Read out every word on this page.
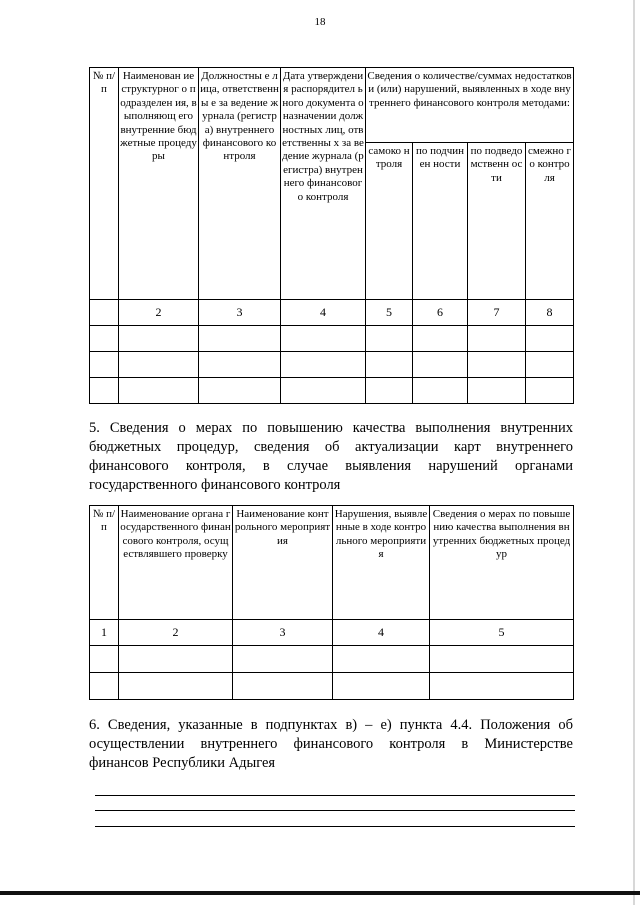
18
№ п/п	Наименован ие структурног о подразделен ия, выполняющ его внутренние бюджетные процедуры	Должностны е лица, ответственны е за ведение журнала (регистра) внутреннего финансового контроля	Дата утверждения распорядител ьного документа о назначении должностных лиц, ответственны х за ведение журнала (регистра) внутреннего финансового контроля	Сведения о количестве/суммах недостатков и (или) нарушений, выявленных в ходе внутреннего финансового контроля методами:			
				самоко нтроля	по подчинен ности	по подведо мственн ости	смежно го контро ля
	2	3	4	5	6	7	8

5. Сведения о мерах по повышению качества выполнения внутренних
бюджетных процедур, сведения об актуализации карт внутреннего
финансового контроля, в случае выявления нарушений органами
государственного финансового контроля
№ п/п	Наименование органа государственного финансового контроля, осуществлявшего проверку	Наименование контрольного мероприятия	Нарушения, выявленные в ходе контрольного мероприятия	Сведения о мерах по повышению качества выполнения внутренних бюджетных процедур
1	2	3	4	5

6. Сведения, указанные в подпунктах в) – е) пункта 4.4. Положения об
осуществлении внутреннего финансового контроля в Министерстве
финансов Республики Адыгея
